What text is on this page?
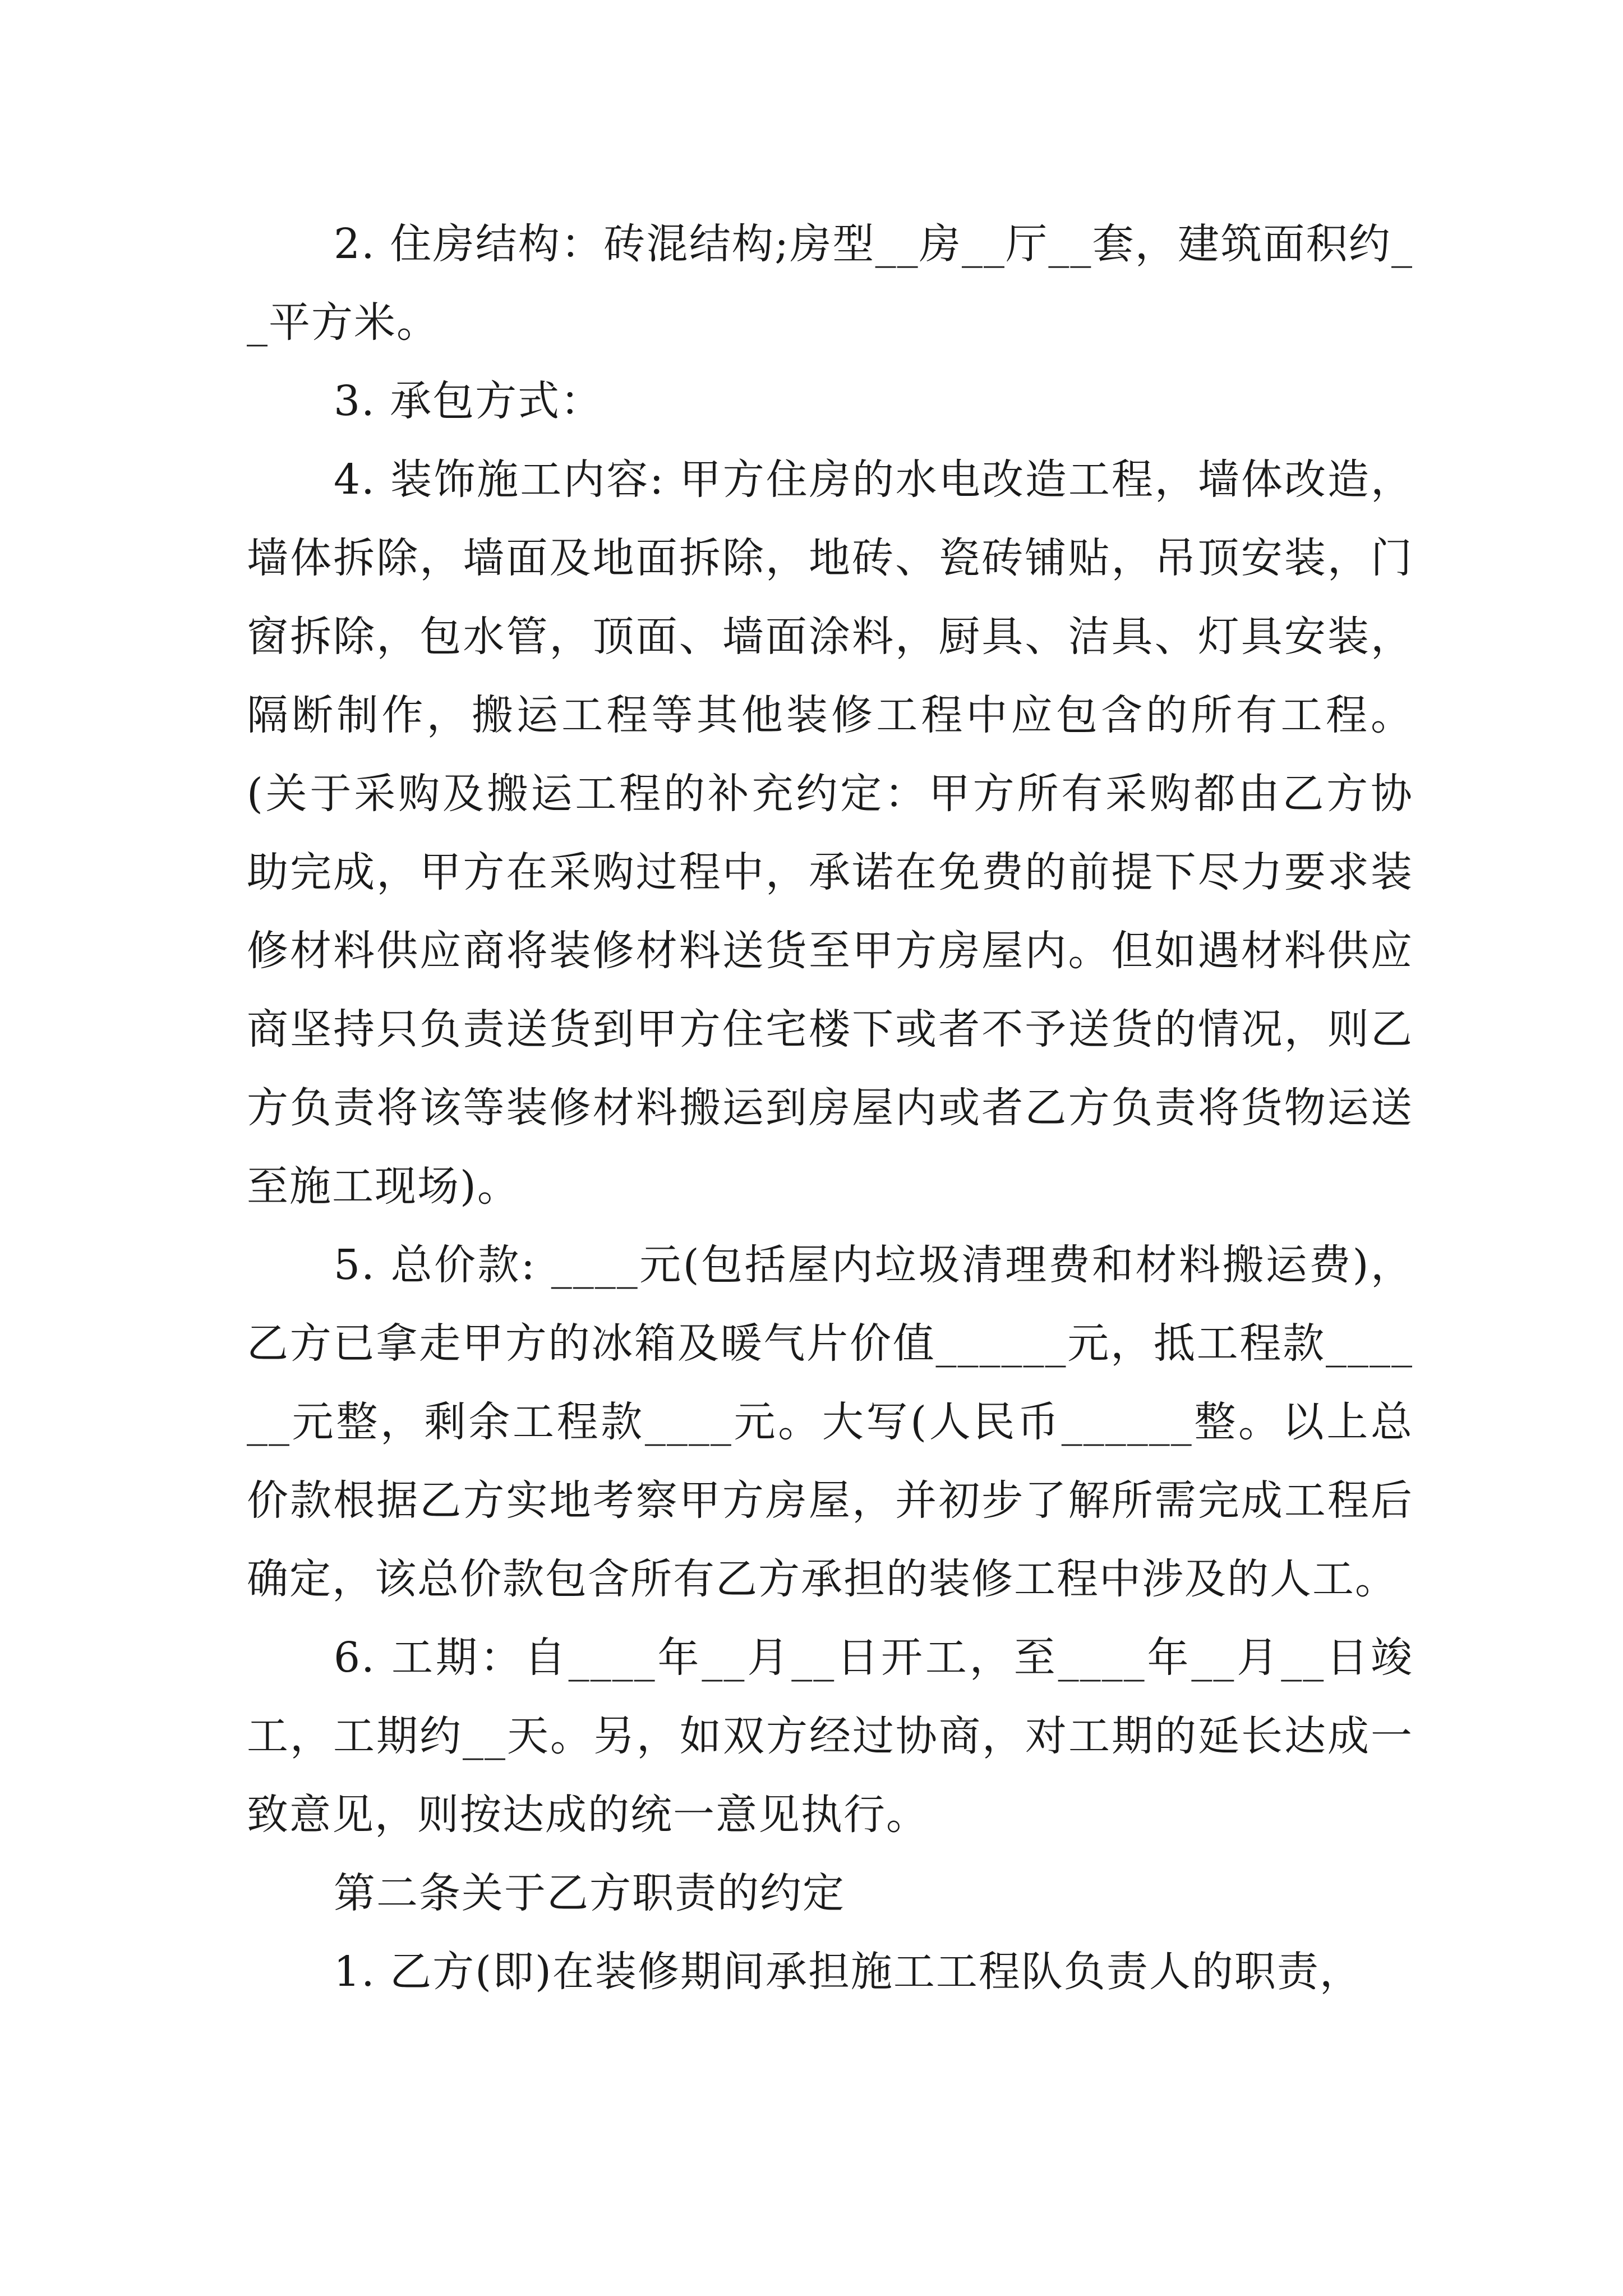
2. 住房结构：砖混结构;房型__房__厅__套，建筑面积约__平方米。

3. 承包方式：

4. 装饰施工内容: 甲方住房的水电改造工程，墙体改造，墙体拆除，墙面及地面拆除，地砖、瓷砖铺贴，吊顶安装，门窗拆除，包水管，顶面、墙面涂料，厨具、洁具、灯具安装，隔断制作，搬运工程等其他装修工程中应包含的所有工程。(关于采购及搬运工程的补充约定：甲方所有采购都由乙方协助完成，甲方在采购过程中，承诺在免费的前提下尽力要求装修材料供应商将装修材料送货至甲方房屋内。但如遇材料供应商坚持只负责送货到甲方住宅楼下或者不予送货的情况，则乙方负责将该等装修材料搬运到房屋内或者乙方负责将货物运送至施工现场)。

5. 总价款: ____元(包括屋内垃圾清理费和材料搬运费)，乙方已拿走甲方的冰箱及暖气片价值______元，抵工程款______元整，剩余工程款____元。大写(人民币______整。以上总价款根据乙方实地考察甲方房屋，并初步了解所需完成工程后确定，该总价款包含所有乙方承担的装修工程中涉及的人工。

6. 工期：自____年__月__日开工，至____年__月__日竣工，工期约__天。另，如双方经过协商，对工期的延长达成一致意见，则按达成的统一意见执行。

第二条关于乙方职责的约定

1. 乙方(即)在装修期间承担施工工程队负责人的职责，
